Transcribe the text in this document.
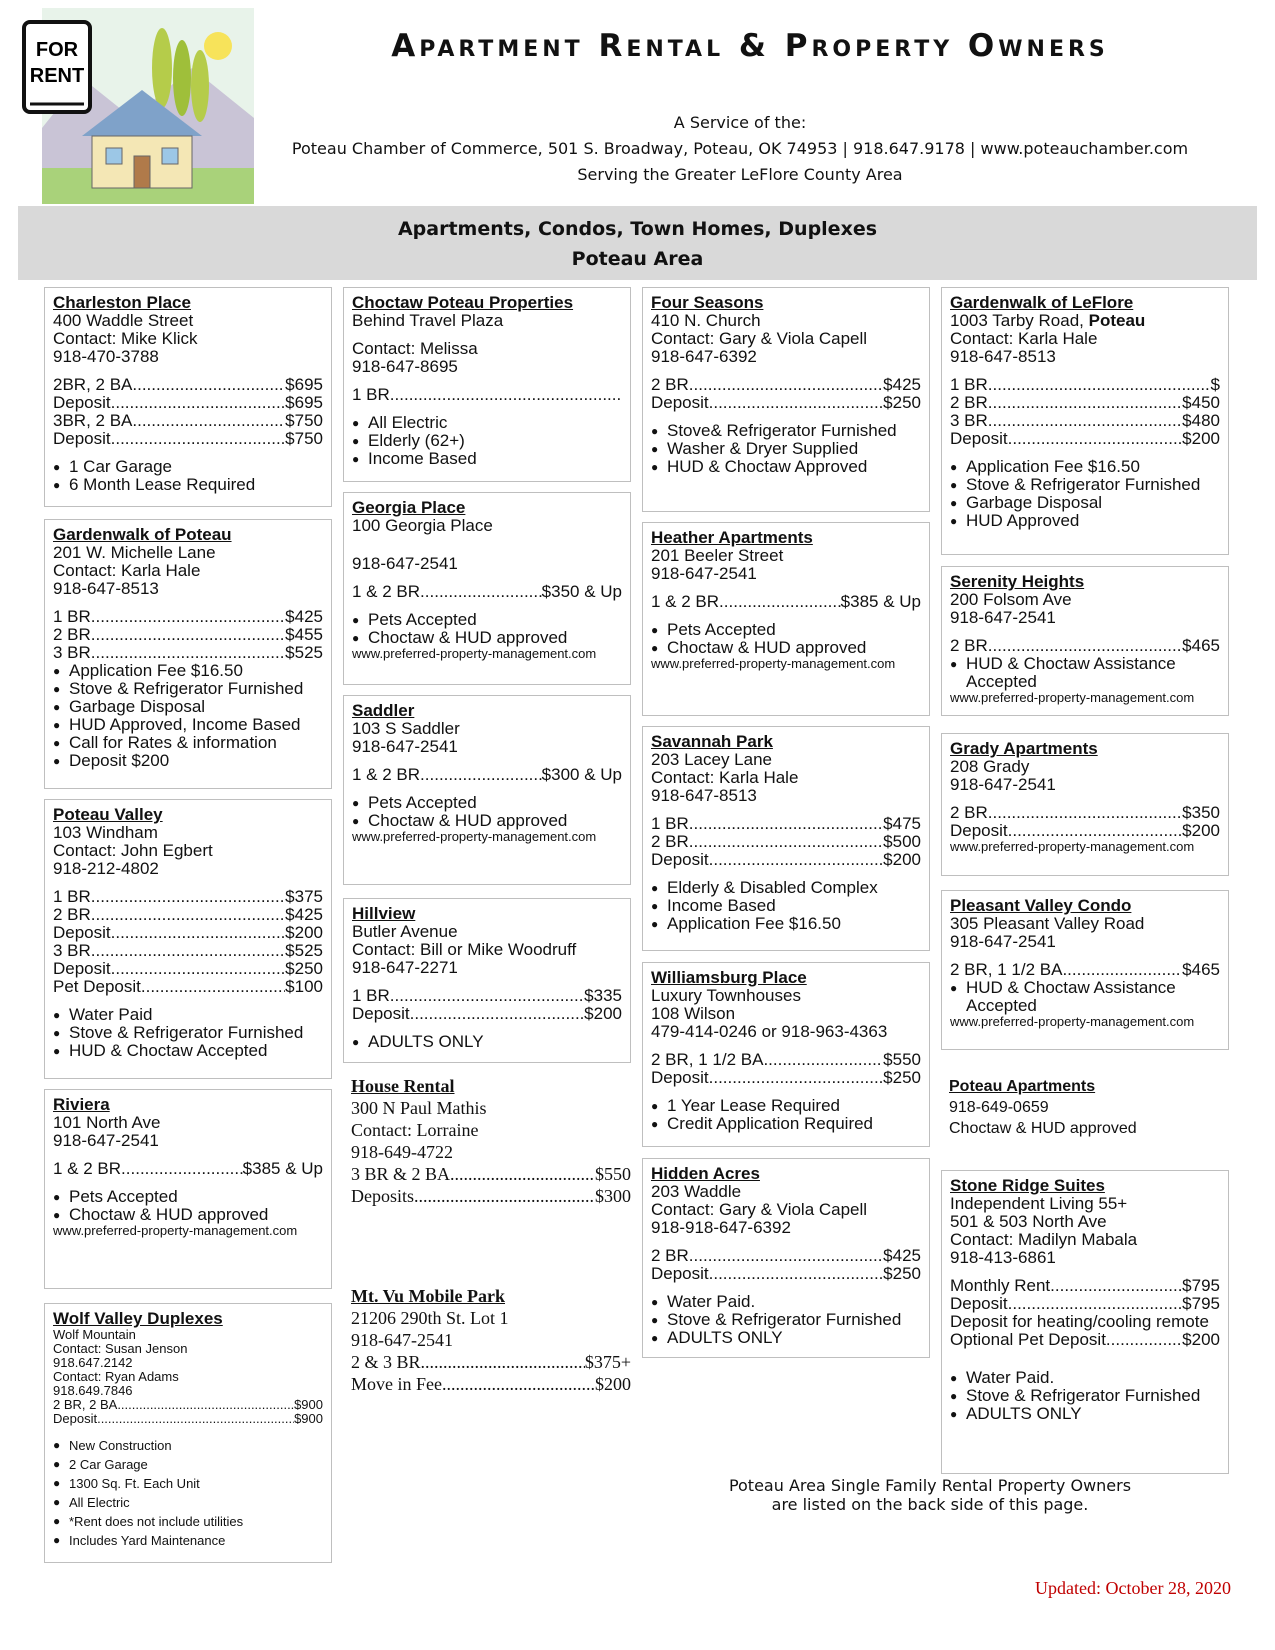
FOR
RENT
Apartment Rental & Property Owners
A Service of the:
Poteau Chamber of Commerce, 501 S. Broadway, Poteau, OK 74953 | 918.647.9178 | www.poteauchamber.com
Serving the Greater LeFlore County Area
Apartments, Condos, Town Homes, Duplexes
Poteau Area
Charleston Place
400 Waddle Street
Contact: Mike Klick
918-470-3788
2BR, 2 BA .....	$695
Deposit .....	$695
3BR, 2 BA .....	$750
Deposit .....	$750
● 1 Car Garage
● 6 Month Lease Required
Gardenwalk of Poteau
201 W. Michelle Lane
Contact: Karla Hale
918-647-8513
1 BR .....	$425
2 BR .....	$455
3 BR .....	$525
● Application Fee $16.50
● Stove & Refrigerator Furnished
● Garbage Disposal
● HUD Approved, Income Based
● Call for Rates & information
● Deposit $200
Poteau Valley
103 Windham
Contact: John Egbert
918-212-4802
1 BR .....	$375
2 BR .....	$425
Deposit .....	$200
3 BR .....	$525
Deposit .....	$250
Pet Deposit .....	$100
● Water Paid
● Stove & Refrigerator Furnished
● HUD & Choctaw Accepted
Riviera
101 North Ave
918-647-2541
1 & 2 BR .....	$385 & Up
● Pets Accepted
● Choctaw & HUD approved
www.preferred-property-management.com
Wolf Valley Duplexes
Wolf Mountain
Contact: Susan Jenson
918.647.2142
Contact: Ryan Adams
918.649.7846
2 BR, 2 BA .....	$900
Deposit .....	$900
● New Construction
● 2 Car Garage
● 1300 Sq. Ft. Each Unit
● All Electric
● *Rent does not include utilities
● Includes Yard Maintenance
Choctaw Poteau Properties
Behind Travel Plaza
Contact: Melissa
918-647-8695
1 BR
.....
● All Electric
● Elderly (62+)
● Income Based
Georgia Place
100 Georgia Place
918-647-2541
1 & 2 BR .....	$350 & Up
● Pets Accepted
● Choctaw & HUD approved
www.preferred-property-management.com
Saddler
103 S Saddler
918-647-2541
1 & 2 BR .....	$300 & Up
● Pets Accepted
● Choctaw & HUD approved
www.preferred-property-management.com
Hillview
Butler Avenue
Contact: Bill or Mike Woodruff
918-647-2271
1 BR .....	$335
Deposit .....	$200
● ADULTS ONLY
House Rental
300 N Paul Mathis
Contact: Lorraine
918-649-4722
3 BR & 2 BA .....	$550
Deposits .....	$300
Mt. Vu Mobile Park
21206 290th St. Lot 1
918-647-2541
2 & 3 BR .....	$375+
Move in Fee .....	$200
Four Seasons
410 N. Church
Contact: Gary & Viola Capell
918-647-6392
2 BR .....	$425
Deposit .....	$250
● Stove& Refrigerator Furnished
● Washer & Dryer Supplied
● HUD & Choctaw Approved
Heather Apartments
201 Beeler Street
918-647-2541
1 & 2 BR .....	$385 & Up
● Pets Accepted
● Choctaw & HUD approved
www.preferred-property-management.com
Savannah Park
203 Lacey Lane
Contact: Karla Hale
918-647-8513
1 BR .....	$475
2 BR .....	$500
Deposit .....	$200
● Elderly & Disabled Complex
● Income Based
● Application Fee $16.50
Williamsburg Place
Luxury Townhouses
108 Wilson
479-414-0246 or 918-963-4363
2 BR, 1 1/2 BA .....	$550
Deposit .....	$250
● 1 Year Lease Required
● Credit Application Required
Hidden Acres
203 Waddle
Contact: Gary & Viola Capell
918-918-647-6392
2 BR .....	$425
Deposit .....	$250
● Water Paid.
● Stove & Refrigerator Furnished
● ADULTS ONLY
Gardenwalk of LeFlore
1003 Tarby Road, Poteau
Contact: Karla Hale
918-647-8513
1 BR .....	$
2 BR .....	$450
3 BR .....	$480
Deposit .....	$200
● Application Fee $16.50
● Stove & Refrigerator Furnished
● Garbage Disposal
● HUD Approved
Serenity Heights
200 Folsom Ave
918-647-2541
2 BR .....	$465
● HUD & Choctaw Assistance Accepted
www.preferred-property-management.com
Grady Apartments
208 Grady
918-647-2541
2 BR .....	$350
Deposit .....	$200
www.preferred-property-management.com
Pleasant Valley Condo
305 Pleasant Valley Road
918-647-2541
2 BR, 1 1/2 BA .....	$465
● HUD & Choctaw Assistance Accepted
www.preferred-property-management.com
Poteau Apartments
918-649-0659
Choctaw & HUD approved
Stone Ridge Suites
Independent Living 55+
501 & 503 North Ave
Contact: Madilyn Mabala
918-413-6861
Monthly Rent .....	$795
Deposit .....	$795
Deposit for heating/cooling remote
Optional Pet Deposit .....	$200
● Water Paid.
● Stove & Refrigerator Furnished
● ADULTS ONLY
Poteau Area Single Family Rental Property Owners
are listed on the back side of this page.
Updated: October 28, 2020
